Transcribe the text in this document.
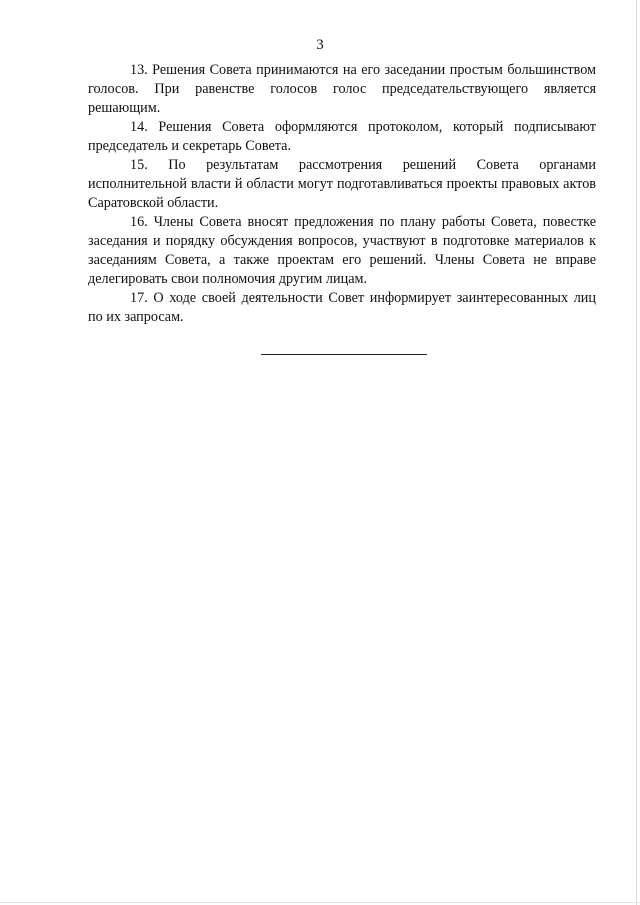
3

13. Решения Совета принимаются на его заседании простым большинством голосов. При равенстве голосов голос председательствующего является решающим.

14. Решения Совета оформляются протоколом, который подписывают председатель и секретарь Совета.

15. По результатам рассмотрения решений Совета органами исполнительной власти й области могут подготавливаться проекты правовых актов Саратовской области.

16. Члены Совета вносят предложения по плану работы Совета, повестке заседания и порядку обсуждения вопросов, участвуют в подготовке материалов к заседаниям Совета, а также проектам его решений. Члены Совета не вправе делегировать свои полномочия другим лицам.

17. О ходе своей деятельности Совет информирует заинтересованных лиц по их запросам.
